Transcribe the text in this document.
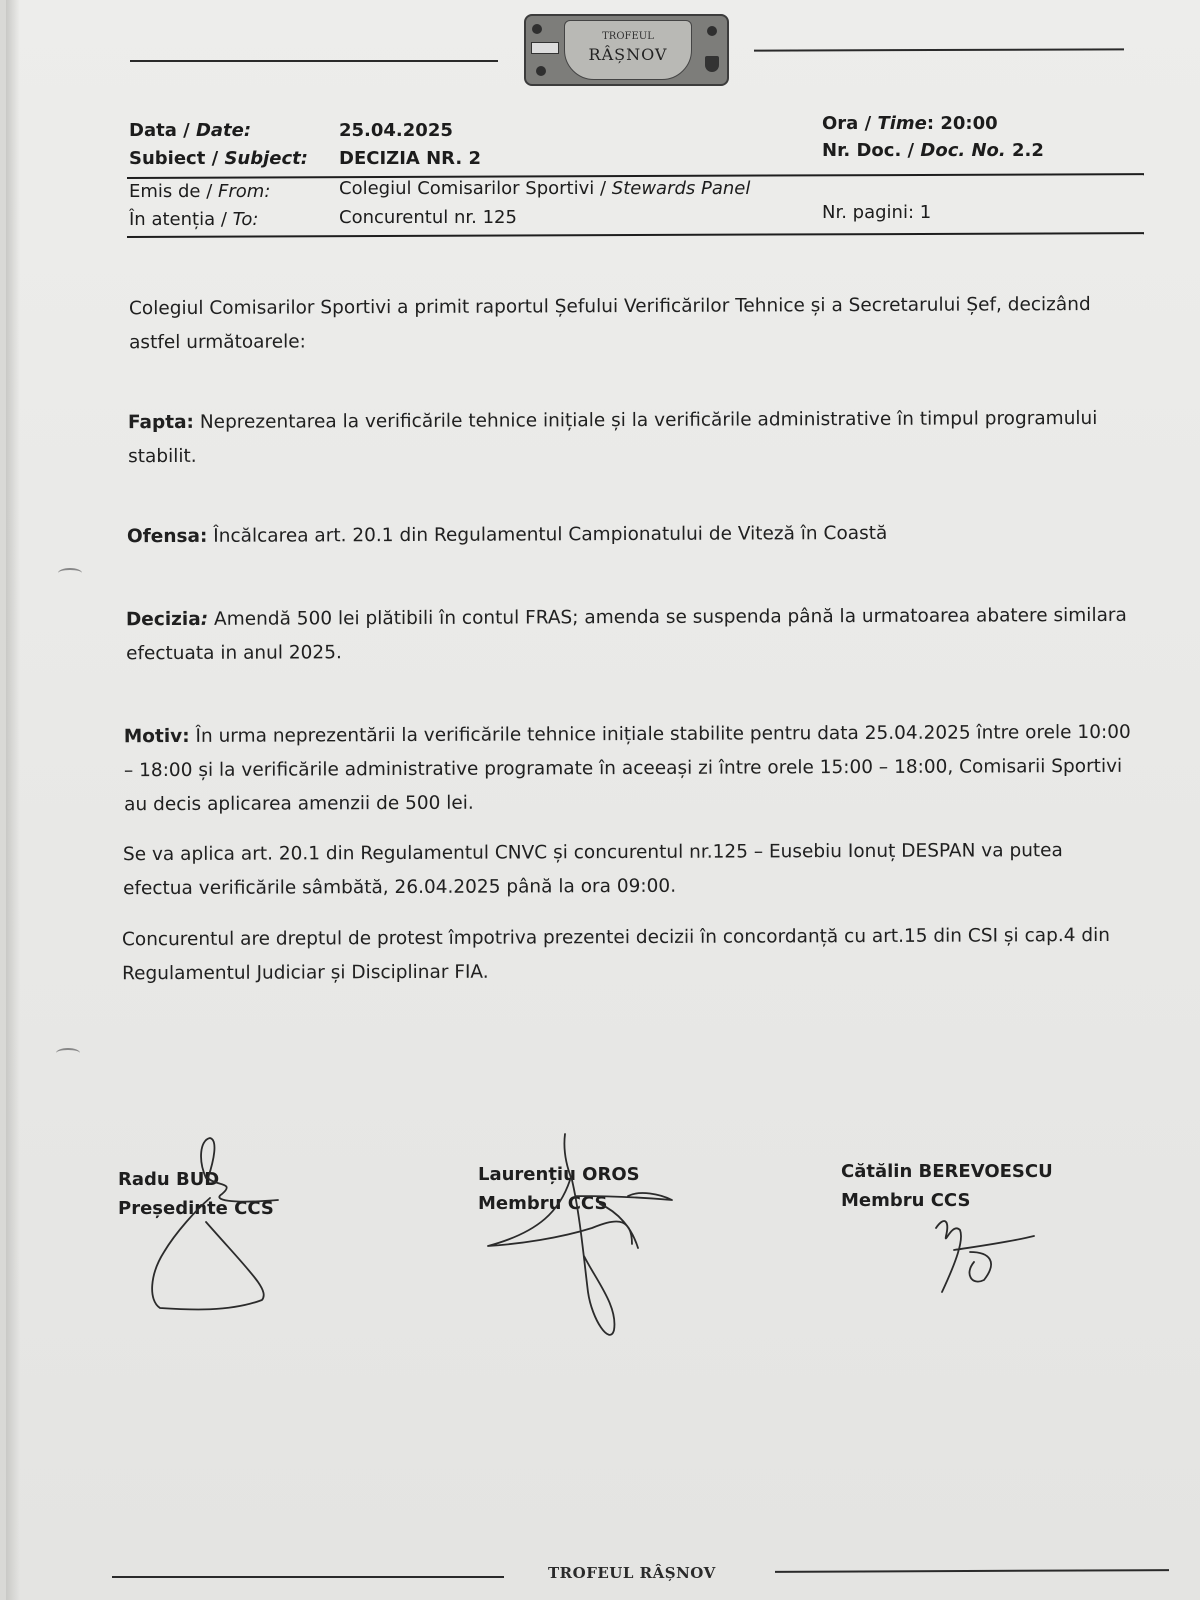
TROFEUL
RÂȘNOV
Data / Date:	25.04.2025	Ora / Time: 20:00
Subiect / Subject: DECIZIA NR. 2	Nr. Doc. / Doc. No. 2.2
Emis de / From:	Colegiul Comisarilor Sportivi / Stewards Panel
În atenția / To:	Concurentul nr. 125	Nr. pagini: 1
Colegiul Comisarilor Sportivi a primit raportul Șefului Verificărilor Tehnice și a Secretarului Șef, decizând astfel următoarele:
Fapta: Neprezentarea la verificările tehnice inițiale și la verificările administrative în timpul programului stabilit.
Ofensa: Încălcarea art. 20.1 din Regulamentul Campionatului de Viteză în Coastă
Decizia: Amendă 500 lei plătibili în contul FRAS; amenda se suspenda până la urmatoarea abatere similara efectuata in anul 2025.
Motiv: În urma neprezentării la verificările tehnice inițiale stabilite pentru data 25.04.2025 între orele 10:00 – 18:00 și la verificările administrative programate în aceeași zi între orele 15:00 – 18:00, Comisarii Sportivi au decis aplicarea amenzii de 500 lei.
Se va aplica art. 20.1 din Regulamentul CNVC și concurentul nr.125 – Eusebiu Ionuț DESPAN va putea efectua verificările sâmbătă, 26.04.2025 până la ora 09:00.
Concurentul are dreptul de protest împotriva prezentei decizii în concordanță cu art.15 din CSI și cap.4 din Regulamentul Judiciar și Disciplinar FIA.
Radu BUD
Președinte CCS
Laurențiu OROS
Membru CCS
Cătălin BEREVOESCU
Membru CCS
TROFEUL RÂȘNOV
